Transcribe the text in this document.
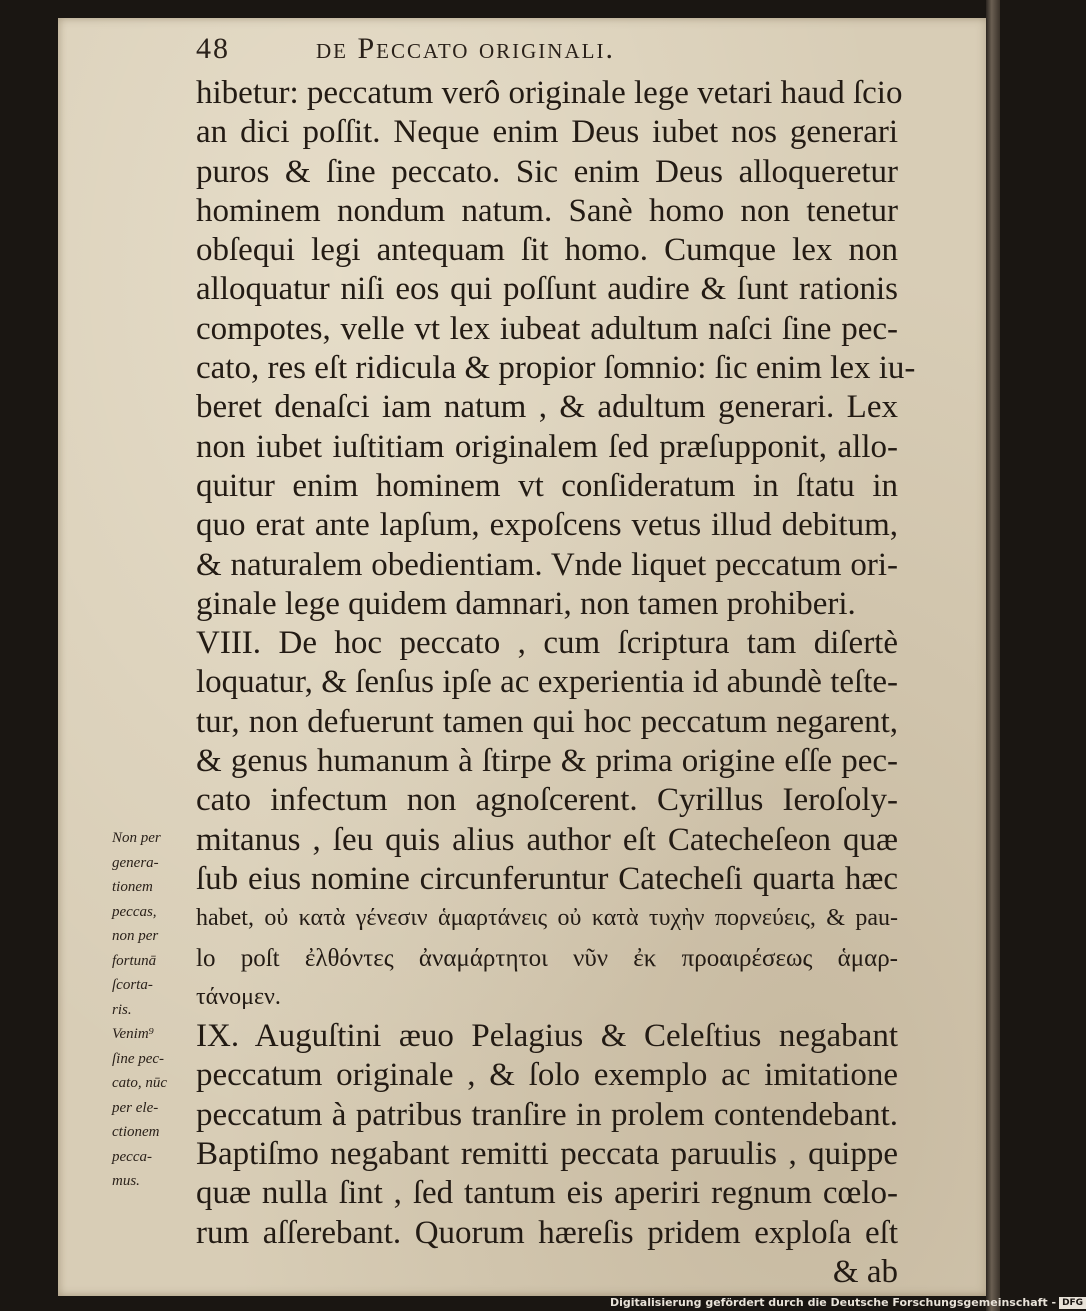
48	de Peccato originali.
hibetur: peccatum verô originale lege vetari haud ſcio
an dici poſſit. Neque enim Deus iubet nos generari
puros & ſine peccato. Sic enim Deus alloqueretur
hominem nondum natum. Sanè homo non tenetur
obſequi legi antequam ſit homo. Cumque lex non
alloquatur niſi eos qui poſſunt audire & ſunt rationis
compotes, velle vt lex iubeat adultum naſci ſine pec-
cato, res eſt ridicula & propior ſomnio: ſic enim lex iu-
beret denaſci iam natum , & adultum generari. Lex
non iubet iuſtitiam originalem ſed præſupponit, allo-
quitur enim hominem vt conſideratum in ſtatu in
quo erat ante lapſum, expoſcens vetus illud debitum,
& naturalem obedientiam. Vnde liquet peccatum ori-
ginale lege quidem damnari, non tamen prohiberi.
VIII. De hoc peccato , cum ſcriptura tam diſertè
loquatur, & ſenſus ipſe ac experientia id abundè teſte-
tur, non defuerunt tamen qui hoc peccatum negarent,
& genus humanum à ſtirpe & prima origine eſſe pec-
cato infectum non agnoſcerent. Cyrillus Ieroſoly-
mitanus , ſeu quis alius author eſt Catecheſeon quæ
ſub eius nomine circunferuntur Catecheſi quarta hæc
habet, οὐ κατὰ γένεσιν ἁμαρτάνεις οὐ κατὰ τυχὴν πορνεύεις, & pau-
lo poſt ἐλθόντες ἀναμάρτητοι νῦν ἐκ προαιρέσεως ἁμαρ-
τάνομεν.
IX. Auguſtini æuo Pelagius & Celeſtius negabant
peccatum originale , & ſolo exemplo ac imitatione
peccatum à patribus tranſire in prolem contendebant.
Baptiſmo negabant remitti peccata paruulis , quippe
quæ nulla ſint , ſed tantum eis aperiri regnum cœlo-
rum aſſerebant. Quorum hæreſis pridem exploſa eſt
& ab
Non per
genera-
tionem
peccas,
non per
fortunā
ſcorta-
ris.
Venim⁹
ſine pec-
cato, nūc
per ele-
ctionem
pecca-
mus.
Digitalisierung gefördert durch die Deutsche Forschungsgemeinschaft - DFG
